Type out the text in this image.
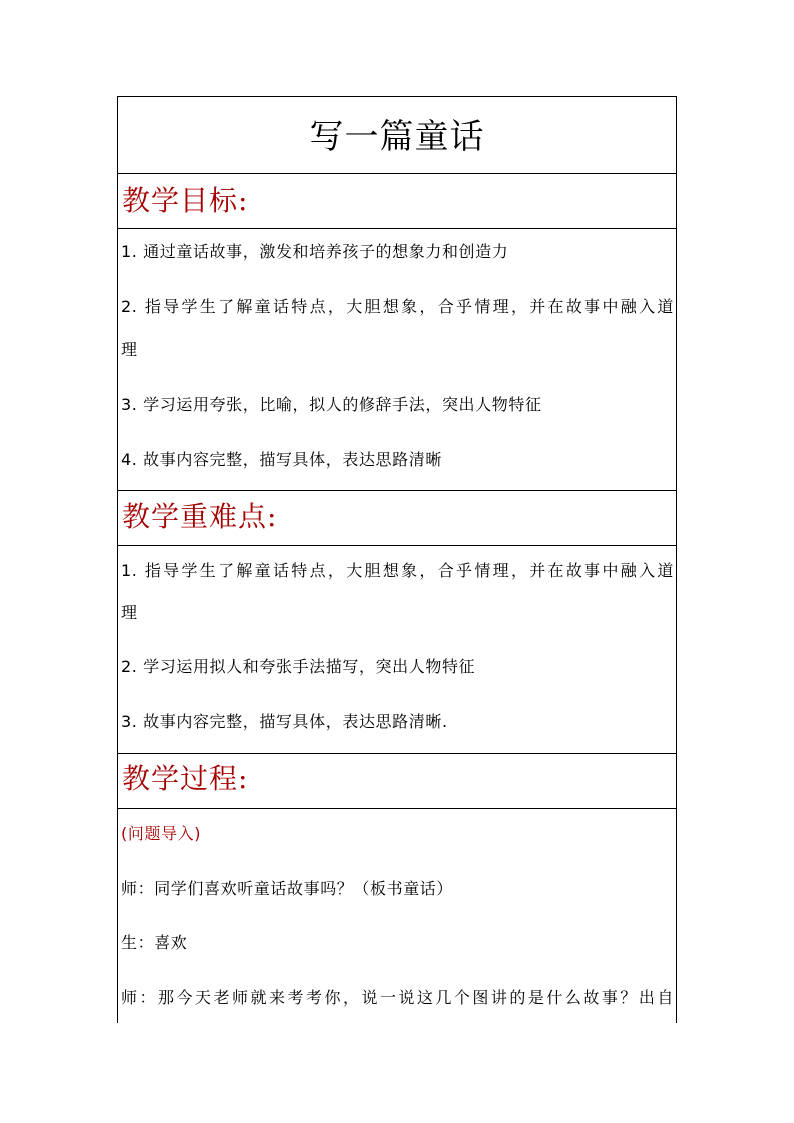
写一篇童话
教学目标:
1. 通过童话故事，激发和培养孩子的想象力和创造力
2. 指导学生了解童话特点，大胆想象，合乎情理，并在故事中融入道
理
3. 学习运用夸张，比喻，拟人的修辞手法，突出人物特征
4. 故事内容完整，描写具体，表达思路清晰
教学重难点:
1. 指导学生了解童话特点，大胆想象，合乎情理，并在故事中融入道
理
2. 学习运用拟人和夸张手法描写，突出人物特征
3. 故事内容完整，描写具体，表达思路清晰.
教学过程:
(问题导入)
师：同学们喜欢听童话故事吗？（板书童话）
生：喜欢
师：那今天老师就来考考你，说一说这几个图讲的是什么故事？出自
